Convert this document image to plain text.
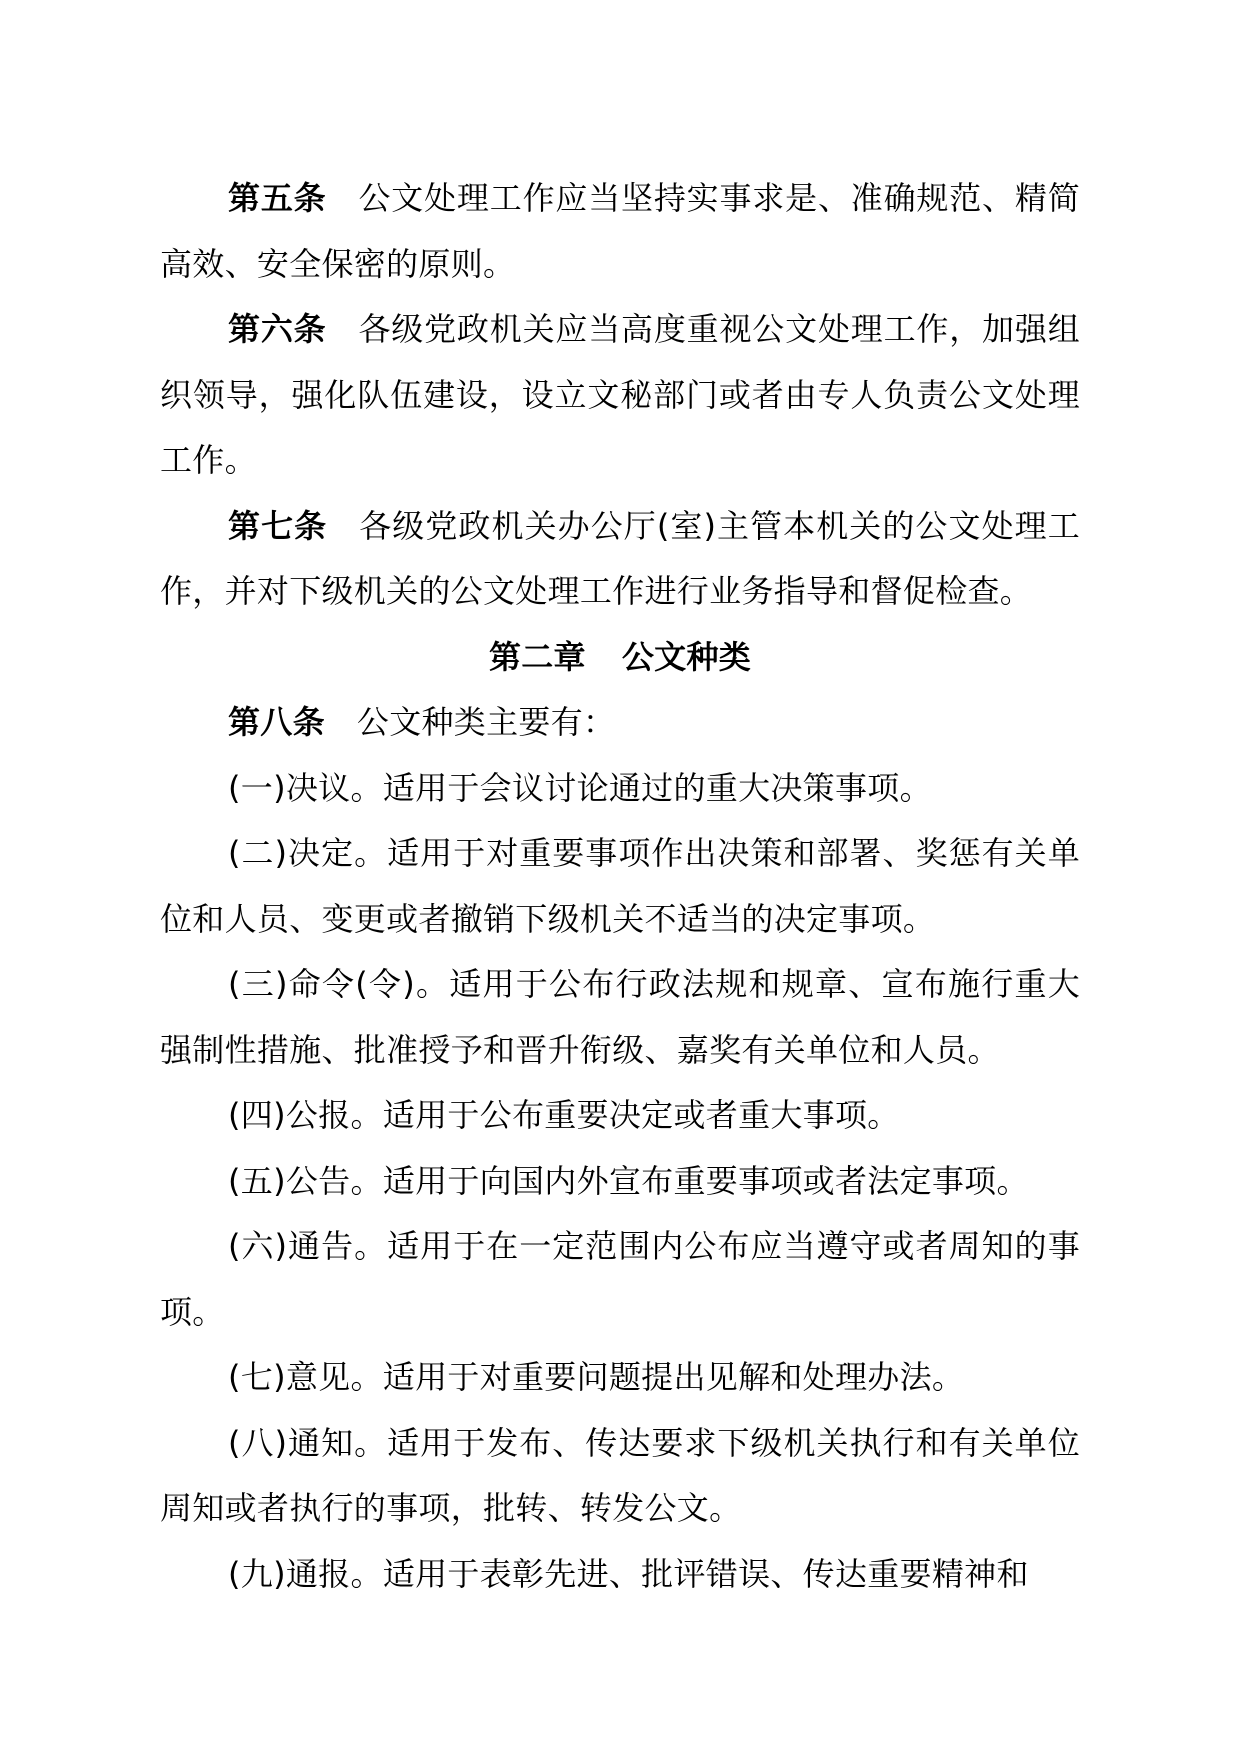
第五条 公文处理工作应当坚持实事求是、准确规范、精简高效、安全保密的原则。

第六条 各级党政机关应当高度重视公文处理工作，加强组织领导，强化队伍建设，设立文秘部门或者由专人负责公文处理工作。

第七条 各级党政机关办公厅(室)主管本机关的公文处理工作，并对下级机关的公文处理工作进行业务指导和督促检查。

第二章 公文种类

第八条 公文种类主要有：

(一)决议。适用于会议讨论通过的重大决策事项。

(二)决定。适用于对重要事项作出决策和部署、奖惩有关单位和人员、变更或者撤销下级机关不适当的决定事项。

(三)命令(令)。适用于公布行政法规和规章、宣布施行重大强制性措施、批准授予和晋升衔级、嘉奖有关单位和人员。

(四)公报。适用于公布重要决定或者重大事项。

(五)公告。适用于向国内外宣布重要事项或者法定事项。

(六)通告。适用于在一定范围内公布应当遵守或者周知的事项。

(七)意见。适用于对重要问题提出见解和处理办法。

(八)通知。适用于发布、传达要求下级机关执行和有关单位周知或者执行的事项，批转、转发公文。

(九)通报。适用于表彰先进、批评错误、传达重要精神和
